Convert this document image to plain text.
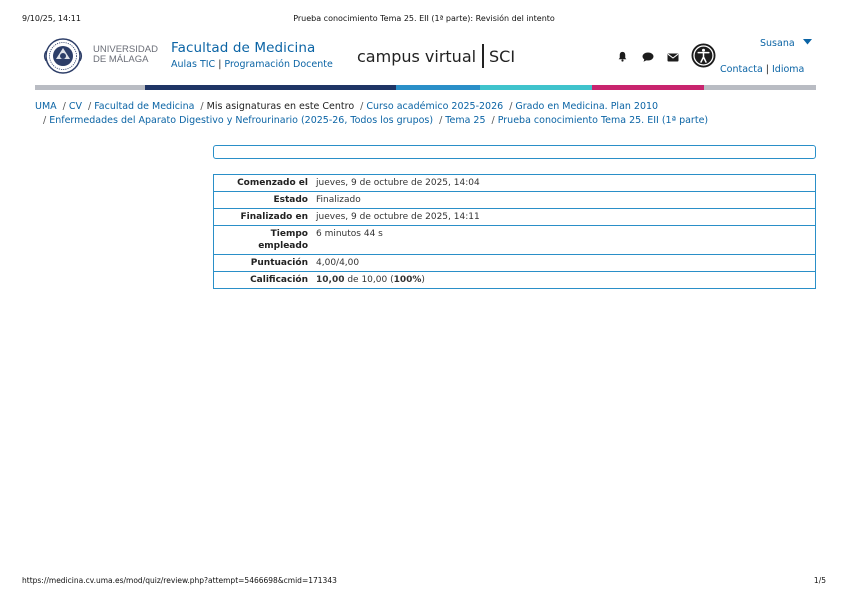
9/10/25, 14:11	Prueba conocimiento Tema 25. EII (1ª parte): Revisión del intento
UNIVERSIDAD
DE MÁLAGA
Facultad de Medicina
Aulas TIC | Programación Docente campus virtual SCI
Susana
Contacta | Idioma
UMA / CV / Facultad de Medicina / Mis asignaturas en este Centro / Curso académico 2025-2026 / Grado en Medicina. Plan 2010
/ Enfermedades del Aparato Digestivo y Nefrourinario (2025-26, Todos los grupos) / Tema 25 / Prueba conocimiento Tema 25. EII (1ª parte)
Comenzado el	jueves, 9 de octubre de 2025, 14:04
Estado	Finalizado
Finalizado en	jueves, 9 de octubre de 2025, 14:11
Tiempo
empleado	6 minutos 44 s
Puntuación	4,00/4,00
Calificación	10,00 de 10,00 (100%)
https://medicina.cv.uma.es/mod/quiz/review.php?attempt=5466698&cmid=171343	1/5
